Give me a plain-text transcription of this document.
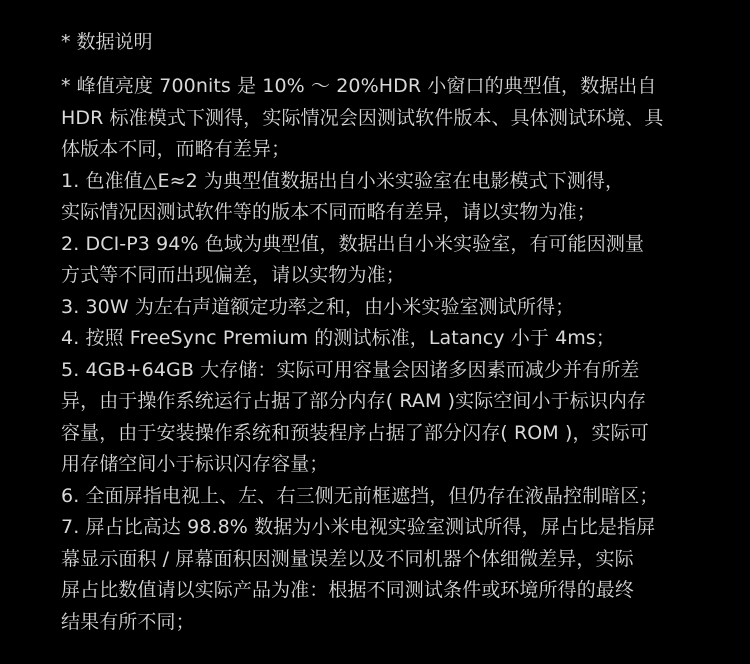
* 数据说明
* 峰值亮度 700nits 是 10% ～ 20%HDR 小窗口的典型值，数据出自
HDR 标准模式下测得，实际情况会因测试软件版本、具体测试环境、具
体版本不同，而略有差异；
1. 色准值△E≈2 为典型值数据出自小米实验室在电影模式下测得，
实际情况因测试软件等的版本不同而略有差异，请以实物为准；
2. DCI-P3 94% 色域为典型值，数据出自小米实验室，有可能因测量
方式等不同而出现偏差，请以实物为准；
3. 30W 为左右声道额定功率之和，由小米实验室测试所得；
4. 按照 FreeSync Premium 的测试标准，Latancy 小于 4ms；
5. 4GB+64GB 大存储：实际可用容量会因诸多因素而减少并有所差
异，由于操作系统运行占据了部分内存( RAM )实际空间小于标识内存
容量，由于安装操作系统和预装程序占据了部分闪存( ROM )，实际可
用存储空间小于标识闪存容量；
6. 全面屏指电视上、左、右三侧无前框遮挡，但仍存在液晶控制暗区；
7. 屏占比高达 98.8% 数据为小米电视实验室测试所得，屏占比是指屏
幕显示面积 / 屏幕面积因测量误差以及不同机器个体细微差异，实际
屏占比数值请以实际产品为准：根据不同测试条件或环境所得的最终
结果有所不同；
